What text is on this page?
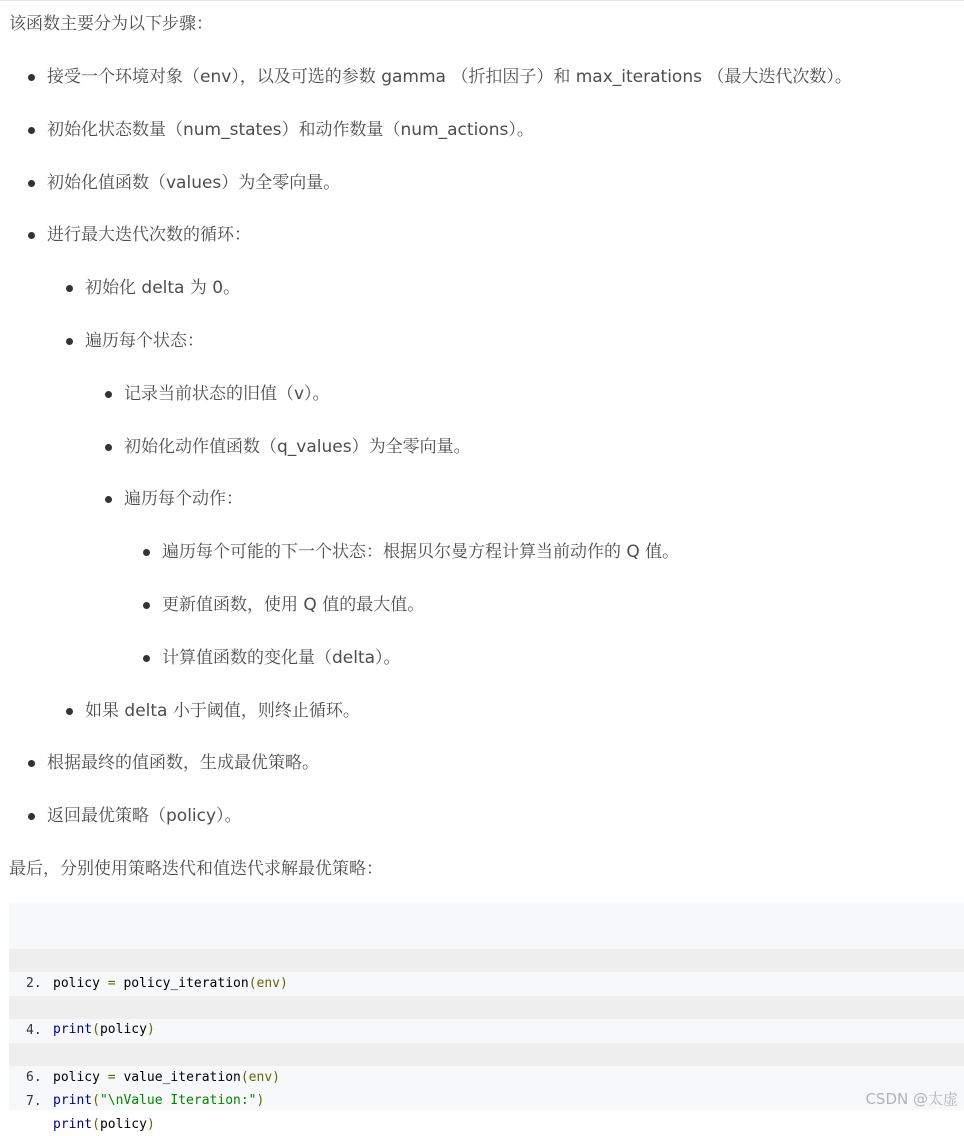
该函数主要分为以下步骤：

接受一个环境对象（env），以及可选的参数 gamma （折扣因子）和 max_iterations （最大迭代次数）。

初始化状态数量（num_states）和动作数量（num_actions）。

初始化值函数（values）为全零向量。

进行最大迭代次数的循环：

初始化 delta 为 0。

遍历每个状态：

记录当前状态的旧值（v）。

初始化动作值函数（q_values）为全零向量。

遍历每个动作：

遍历每个可能的下一个状态：根据贝尔曼方程计算当前动作的 Q 值。

更新值函数，使用 Q 值的最大值。

计算值函数的变化量（delta）。

如果 delta 小于阈值，则终止循环。

根据最终的值函数，生成最优策略。

返回最优策略（policy）。

最后，分别使用策略迭代和值迭代求解最优策略：

policy = policy_iteration(env)

2.

print(policy)

4.

policy = value_iteration(env)

6.

print("\nValue Iteration:")

7.

print(policy)

CSDN @太虚
